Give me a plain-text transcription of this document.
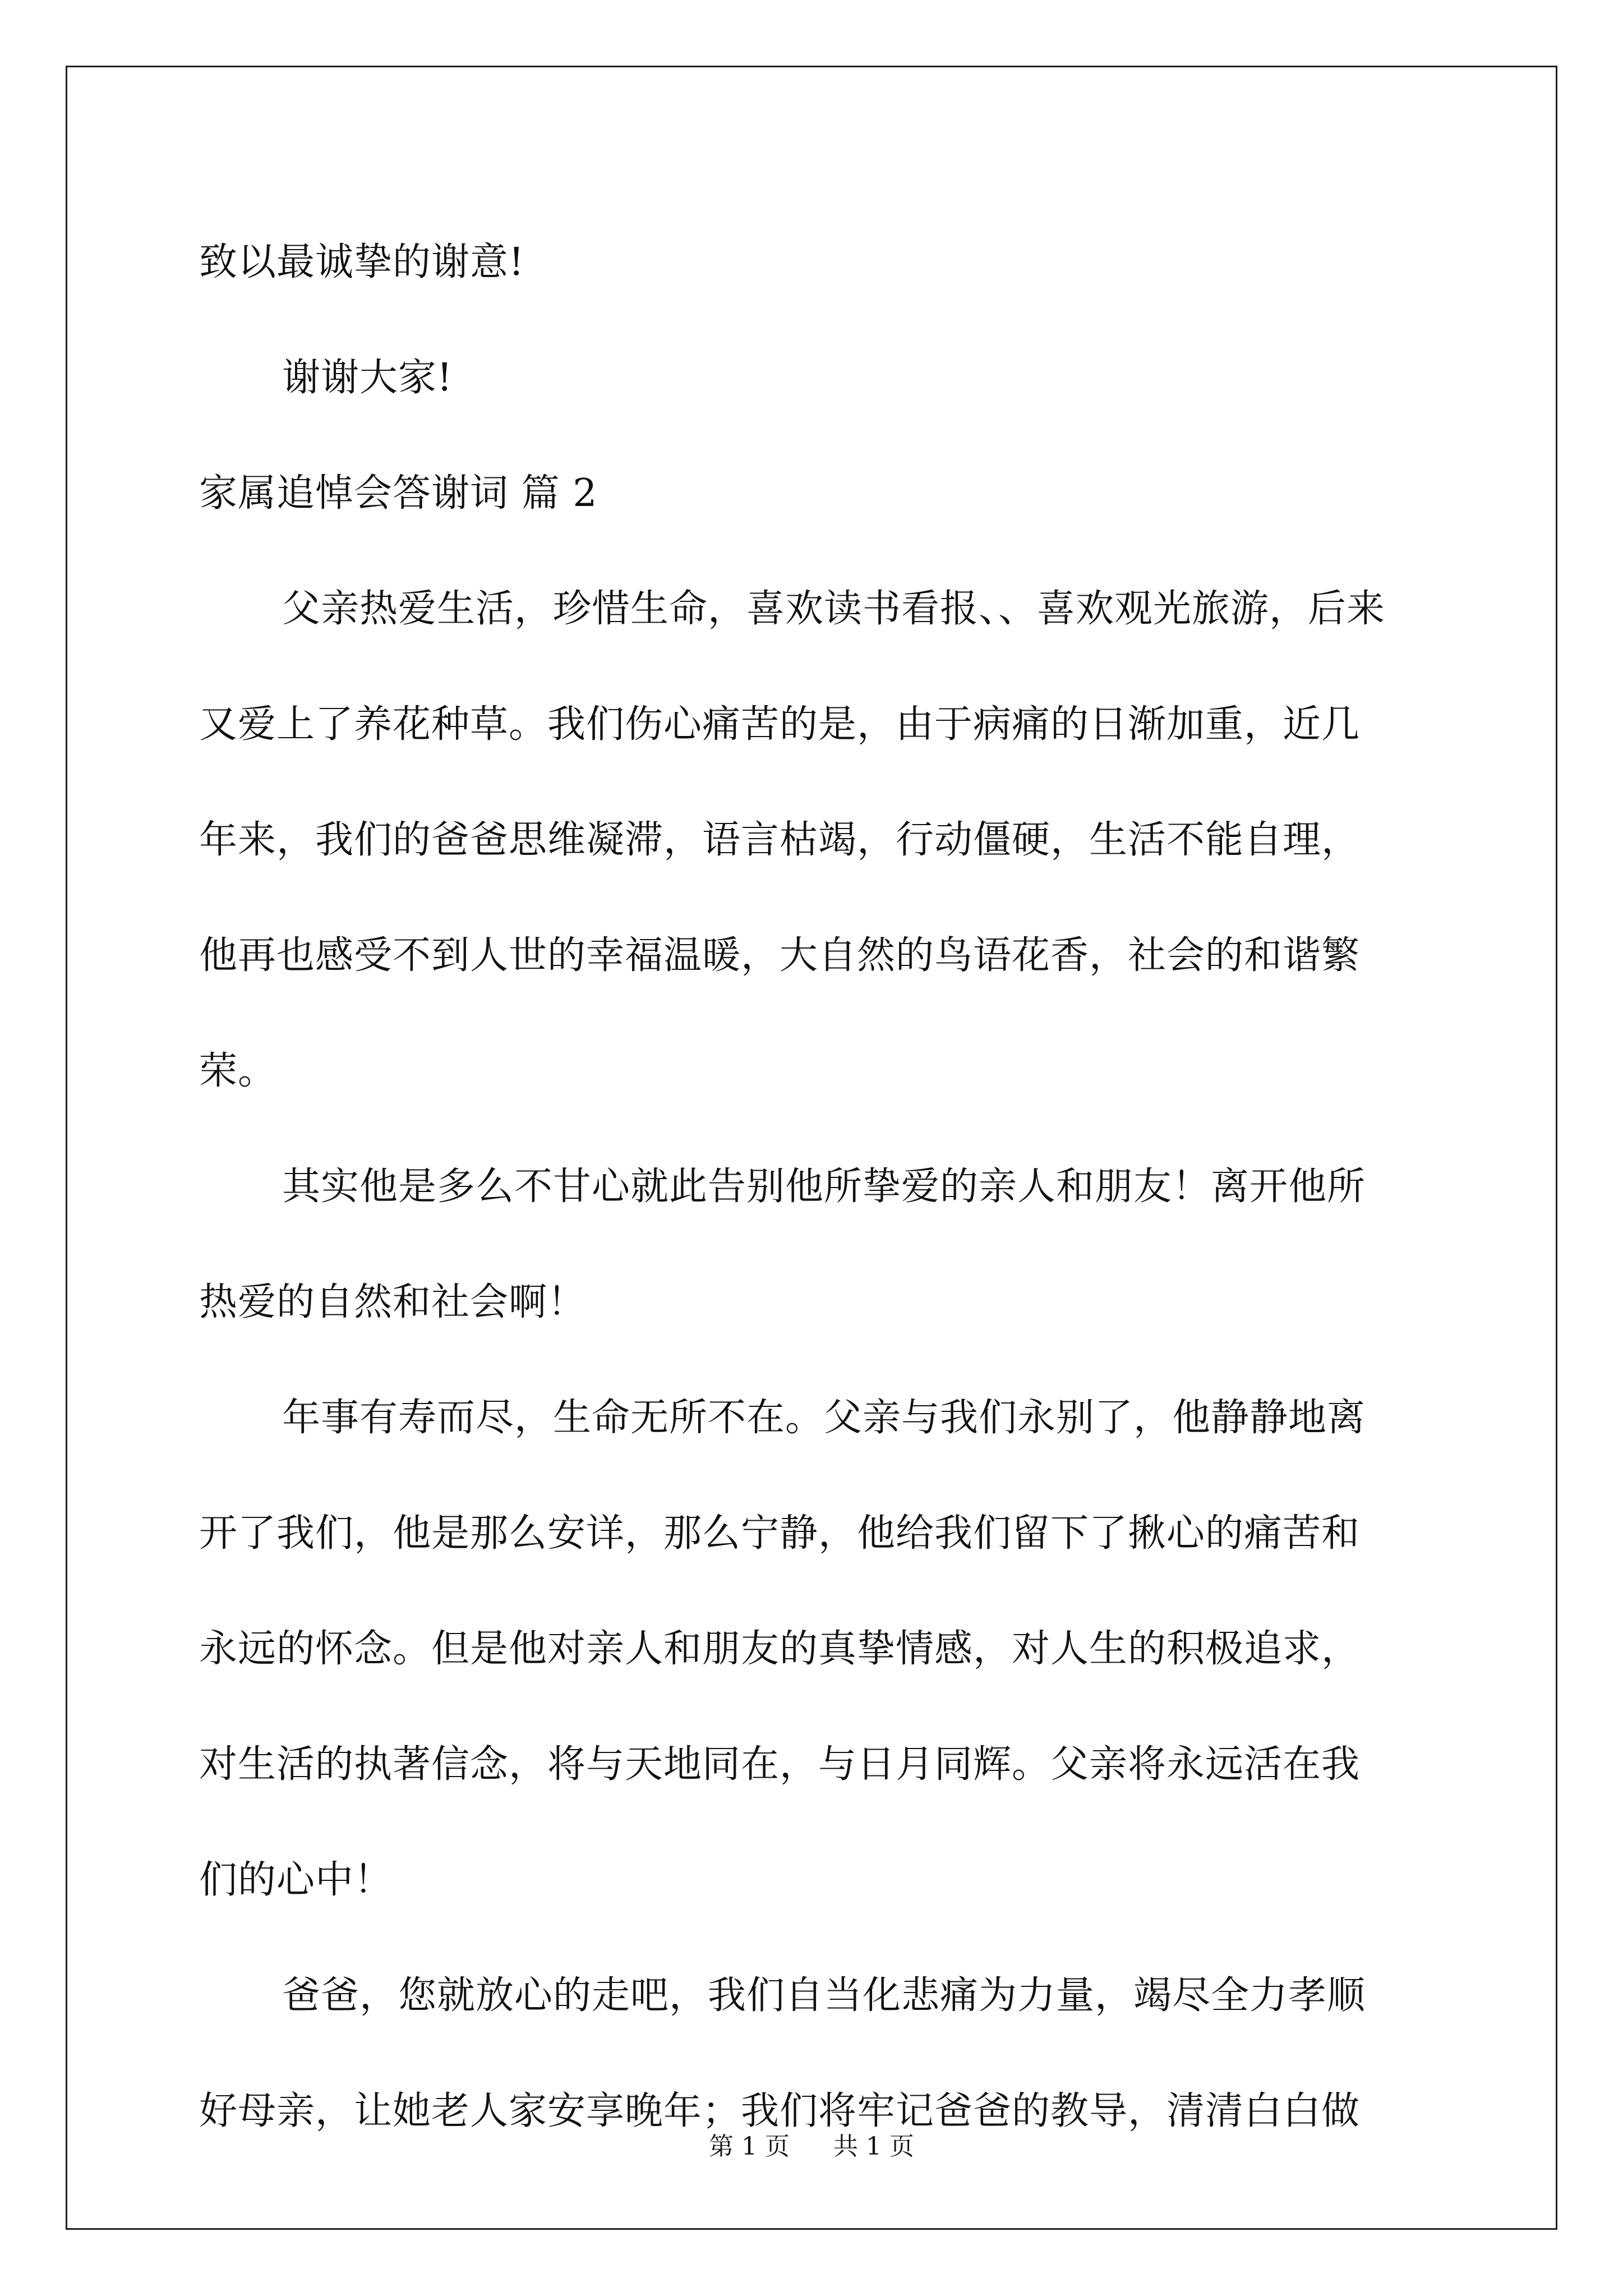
致以最诚挚的谢意!
谢谢大家!
家属追悼会答谢词 篇 2
父亲热爱生活，珍惜生命，喜欢读书看报、、喜欢观光旅游，后来
又爱上了养花种草。我们伤心痛苦的是，由于病痛的日渐加重，近几
年来，我们的爸爸思维凝滞，语言枯竭，行动僵硬，生活不能自理，
他再也感受不到人世的幸福温暖，大自然的鸟语花香，社会的和谐繁
荣。
其实他是多么不甘心就此告别他所挚爱的亲人和朋友！离开他所
热爱的自然和社会啊！
年事有寿而尽，生命无所不在。父亲与我们永别了，他静静地离
开了我们，他是那么安详，那么宁静，他给我们留下了揪心的痛苦和
永远的怀念。但是他对亲人和朋友的真挚情感，对人生的积极追求，
对生活的执著信念，将与天地同在，与日月同辉。父亲将永远活在我
们的心中！
爸爸，您就放心的走吧，我们自当化悲痛为力量，竭尽全力孝顺
好母亲，让她老人家安享晚年；我们将牢记爸爸的教导，清清白白做
第 1 页 共 1 页
